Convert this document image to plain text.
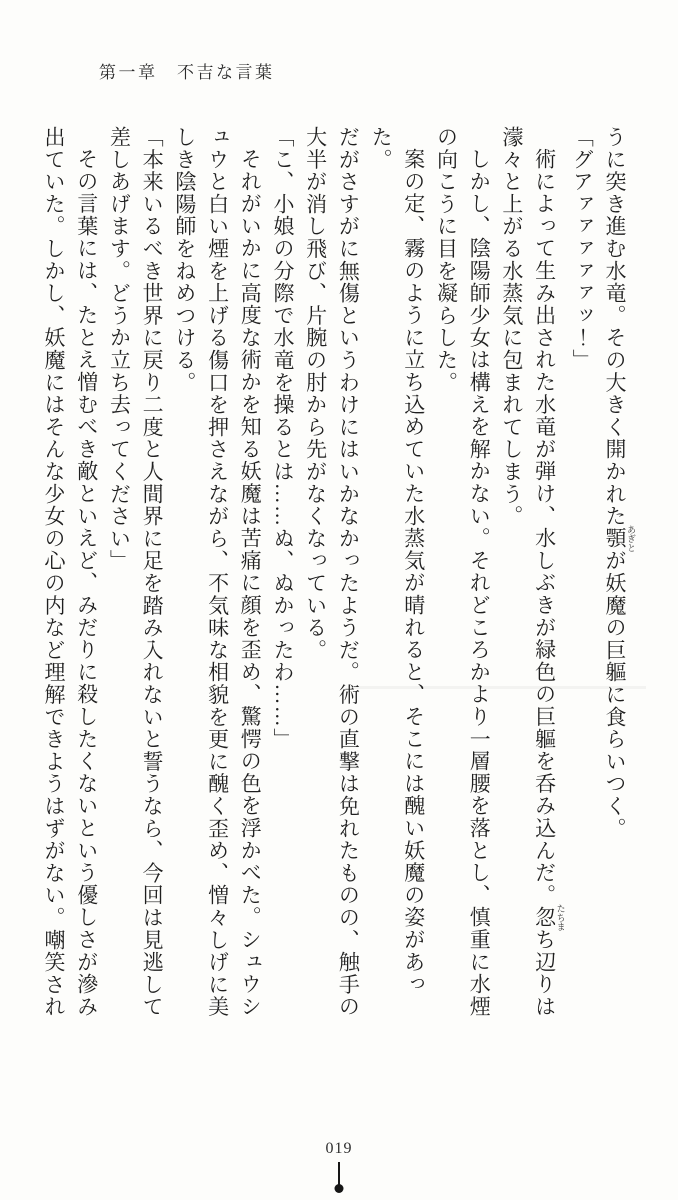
第一章　不吉な言葉
うに突き進む水竜。その大きく開かれた顎 あぎとが妖魔の巨軀に食らいつく。
「グアァァァァァッ！」
術によって生み出された水竜が弾け、水しぶきが緑色の巨軀を呑み込んだ。忽 たちまち辺りは
濛々と上がる水蒸気に包まれてしまう。
しかし、陰陽師少女は構えを解かない。それどころかより一層腰を落とし、慎重に水煙
の向こうに目を凝らした。
案の定、霧のように立ち込めていた水蒸気が晴れると、そこには醜い妖魔の姿があった。
だがさすがに無傷というわけにはいかなかったようだ。術の直撃は免れたものの、触手の
大半が消し飛び、片腕の肘から先がなくなっている。
「こ、小娘の分際で水竜を操るとは……ぬ、ぬかったわ……」
それがいかに高度な術かを知る妖魔は苦痛に顔を歪め、驚愕の色を浮かべた。シュウシ
ュウと白い煙を上げる傷口を押さえながら、不気味な相貌を更に醜く歪め、憎々しげに美
しき陰陽師をねめつける。
「本来いるべき世界に戻り二度と人間界に足を踏み入れないと誓うなら、今回は見逃して
差しあげます。どうか立ち去ってください」
その言葉には、たとえ憎むべき敵といえど、みだりに殺したくないという優しさが滲み
出ていた。しかし、妖魔にはそんな少女の心の内など理解できようはずがない。嘲笑され
019
